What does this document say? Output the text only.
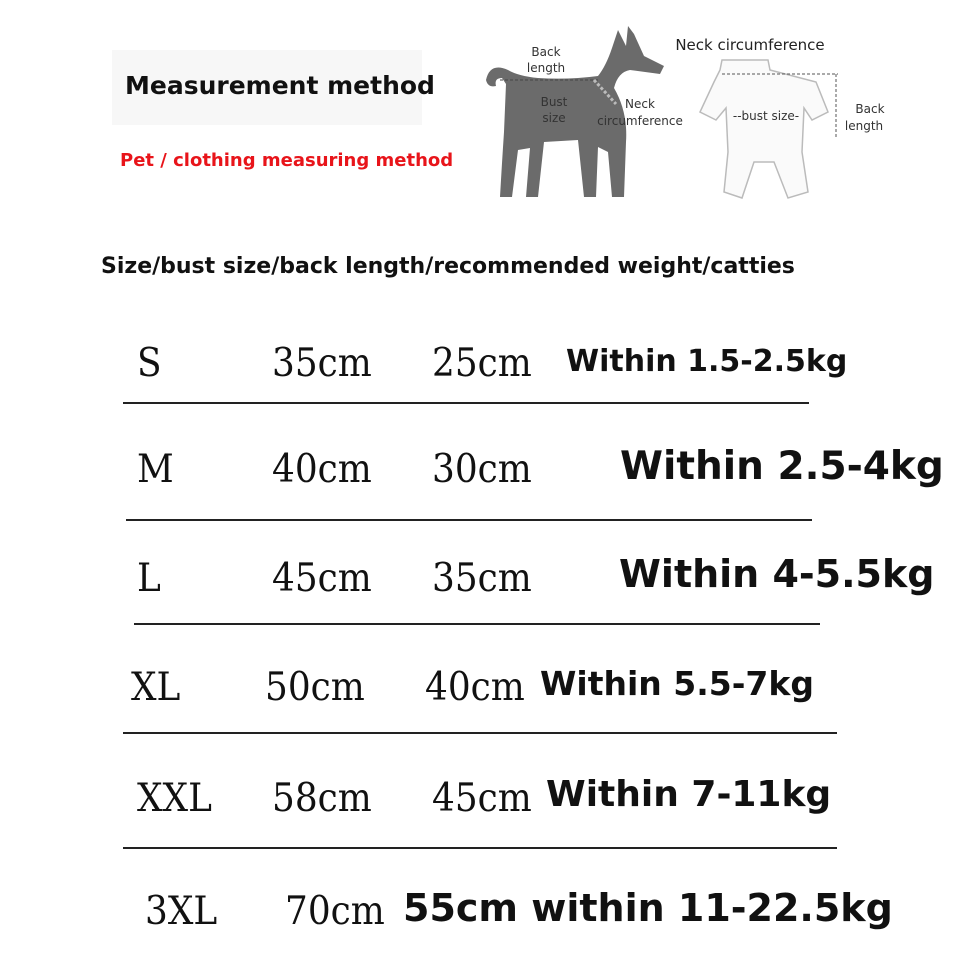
Measurement method
Pet / clothing measuring method
Back
length
Bust
size
Neck
circumference
Neck circumference
--bust size-	Back
length
Size/bust size/back length/recommended weight/catties
S	35cm 25cm Within 1.5-2.5kg
M	40cm 30cm Within 2.5-4kg
L	45cm 35cm Within 4-5.5kg
XL 50cm 40cm Within 5.5-7kg
XXL 58cm 45cm Within 7-11kg
3XL 70cm 55cm within 11-22.5kg
